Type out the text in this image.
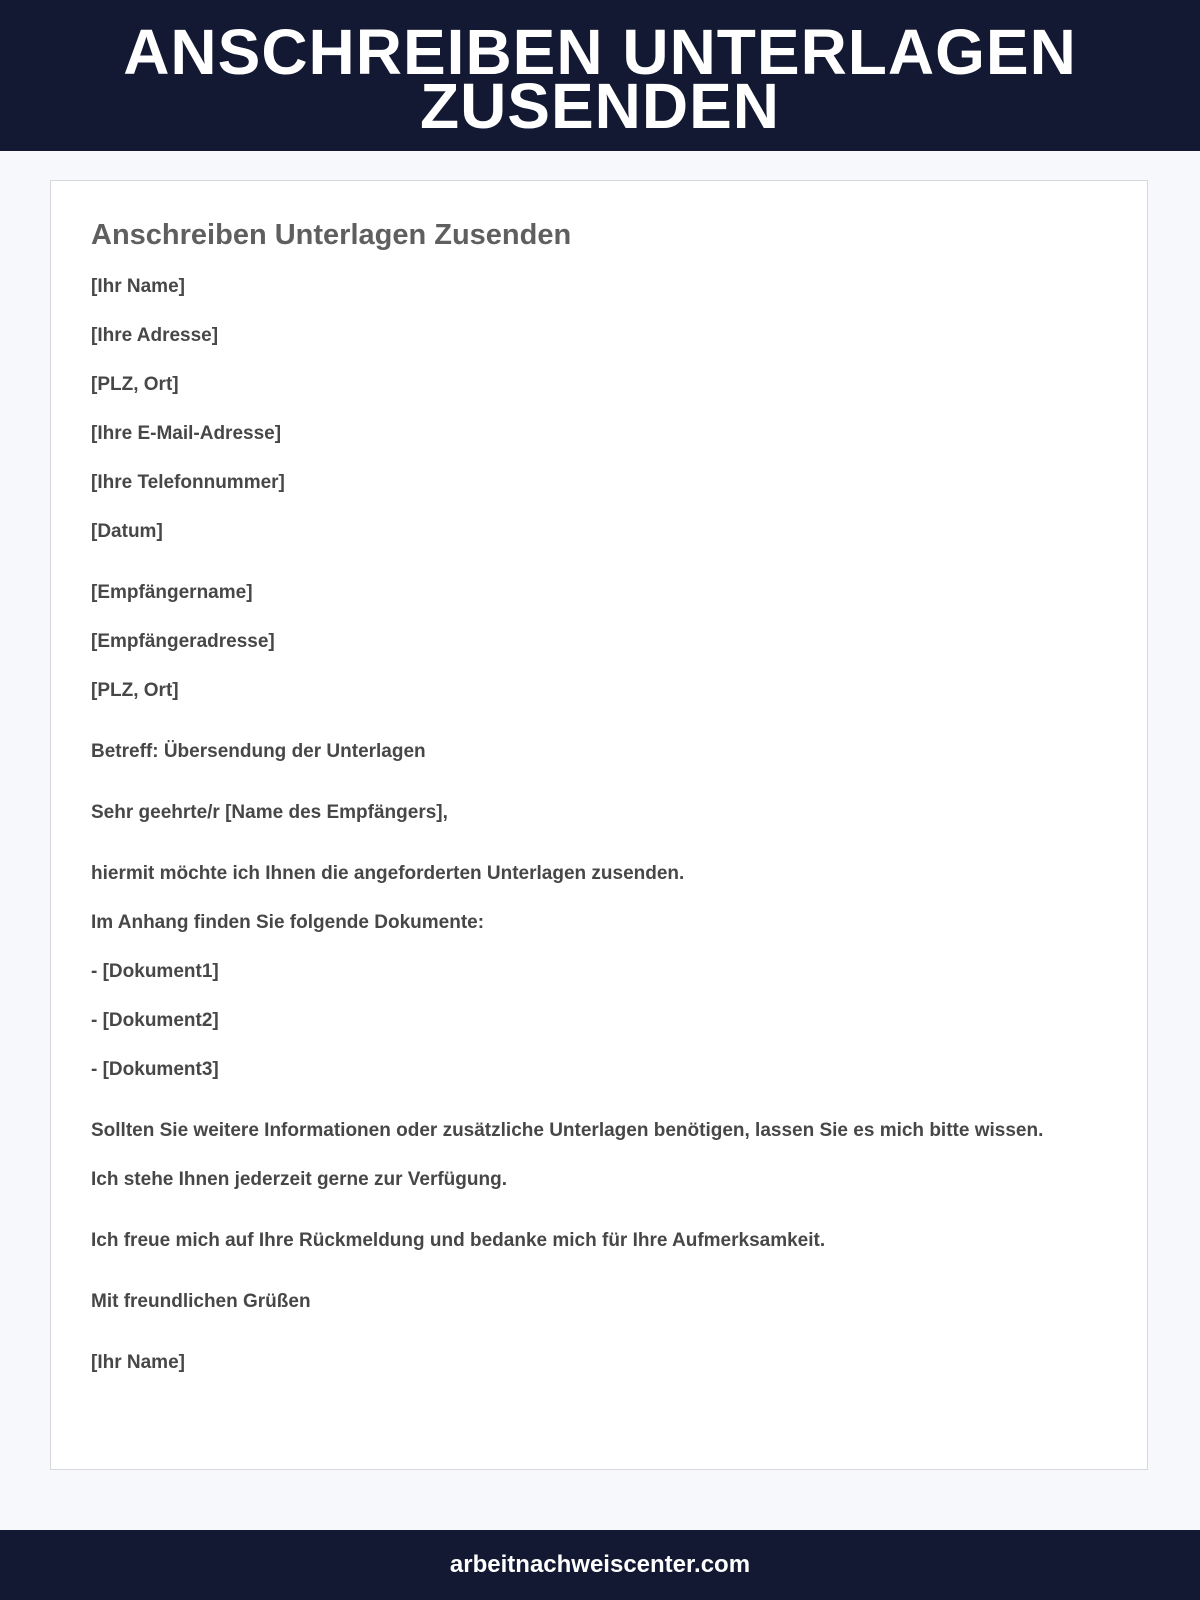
ANSCHREIBEN UNTERLAGEN ZUSENDEN
Anschreiben Unterlagen Zusenden

[Ihr Name]

[Ihre Adresse]

[PLZ, Ort]

[Ihre E-Mail-Adresse]

[Ihre Telefonnummer]

[Datum]

[Empfängername]

[Empfängeradresse]

[PLZ, Ort]

Betreff: Übersendung der Unterlagen

Sehr geehrte/r [Name des Empfängers],

hiermit möchte ich Ihnen die angeforderten Unterlagen zusenden.

Im Anhang finden Sie folgende Dokumente:

- [Dokument1]

- [Dokument2]

- [Dokument3]

Sollten Sie weitere Informationen oder zusätzliche Unterlagen benötigen, lassen Sie es mich bitte wissen.

Ich stehe Ihnen jederzeit gerne zur Verfügung.

Ich freue mich auf Ihre Rückmeldung und bedanke mich für Ihre Aufmerksamkeit.

Mit freundlichen Grüßen

[Ihr Name]

arbeitnachweiscenter.com
